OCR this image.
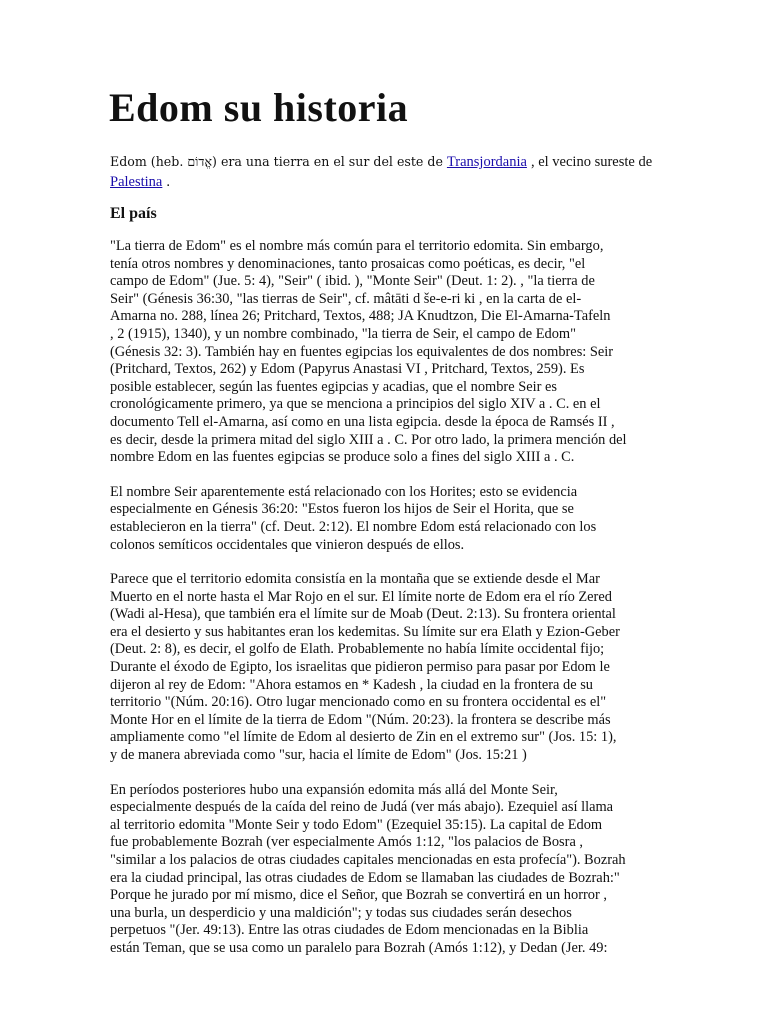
Edom su historia
Edom (heb. אֱדוֹם) era una tierra en el sur del este de Transjordania , el vecino sureste de
Palestina .
El país

"La tierra de Edom" es el nombre más común para el territorio edomita. Sin embargo,
tenía otros nombres y denominaciones, tanto prosaicas como poéticas, es decir, "el
campo de Edom" (Jue. 5: 4), "Seir" ( ibid. ), "Monte Seir" (Deut. 1: 2). , "la tierra de
Seir" (Génesis 36:30, "las tierras de Seir", cf. mâtāti d še-e-ri ki , en la carta de el-
Amarna no. 288, línea 26; Pritchard, Textos, 488; JA Knudtzon, Die El-Amarna-Tafeln
, 2 (1915), 1340), y un nombre combinado, "la tierra de Seir, el campo de Edom"
(Génesis 32: 3). También hay en fuentes egipcias los equivalentes de dos nombres: Seir
(Pritchard, Textos, 262) y Edom (Papyrus Anastasi VI , Pritchard, Textos, 259). Es
posible establecer, según las fuentes egipcias y acadias, que el nombre Seir es
cronológicamente primero, ya que se menciona a principios del siglo XIV a . C. en el
documento Tell el-Amarna, así como en una lista egipcia. desde la época de Ramsés II ,
es decir, desde la primera mitad del siglo XIII a . C. Por otro lado, la primera mención del
nombre Edom en las fuentes egipcias se produce solo a fines del siglo XIII a . C.

El nombre Seir aparentemente está relacionado con los Horites; esto se evidencia
especialmente en Génesis 36:20: "Estos fueron los hijos de Seir el Horita, que se
establecieron en la tierra" (cf. Deut. 2:12). El nombre Edom está relacionado con los
colonos semíticos occidentales que vinieron después de ellos.

Parece que el territorio edomita consistía en la montaña que se extiende desde el Mar
Muerto en el norte hasta el Mar Rojo en el sur. El límite norte de Edom era el río Zered
(Wadi al-Hesa), que también era el límite sur de Moab (Deut. 2:13). Su frontera oriental
era el desierto y sus habitantes eran los kedemitas. Su límite sur era Elath y Ezion-Geber
(Deut. 2: 8), es decir, el golfo de Elath. Probablemente no había límite occidental fijo;
Durante el éxodo de Egipto, los israelitas que pidieron permiso para pasar por Edom le
dijeron al rey de Edom: "Ahora estamos en * Kadesh , la ciudad en la frontera de su
territorio "(Núm. 20:16). Otro lugar mencionado como en su frontera occidental es el"
Monte Hor en el límite de la tierra de Edom "(Núm. 20:23). la frontera se describe más
ampliamente como "el límite de Edom al desierto de Zin en el extremo sur" (Jos. 15: 1),
y de manera abreviada como "sur, hacia el límite de Edom" (Jos. 15:21 )

En períodos posteriores hubo una expansión edomita más allá del Monte Seir,
especialmente después de la caída del reino de Judá (ver más abajo). Ezequiel así llama
al territorio edomita "Monte Seir y todo Edom" (Ezequiel 35:15). La capital de Edom
fue probablemente Bozrah (ver especialmente Amós 1:12, "los palacios de Bosra ,
"similar a los palacios de otras ciudades capitales mencionadas en esta profecía"). Bozrah
era la ciudad principal, las otras ciudades de Edom se llamaban las ciudades de Bozrah:"
Porque he jurado por mí mismo, dice el Señor, que Bozrah se convertirá en un horror ,
una burla, un desperdicio y una maldición"; y todas sus ciudades serán desechos
perpetuos "(Jer. 49:13). Entre las otras ciudades de Edom mencionadas en la Biblia
están Teman, que se usa como un paralelo para Bozrah (Amós 1:12), y Dedan (Jer. 49:
